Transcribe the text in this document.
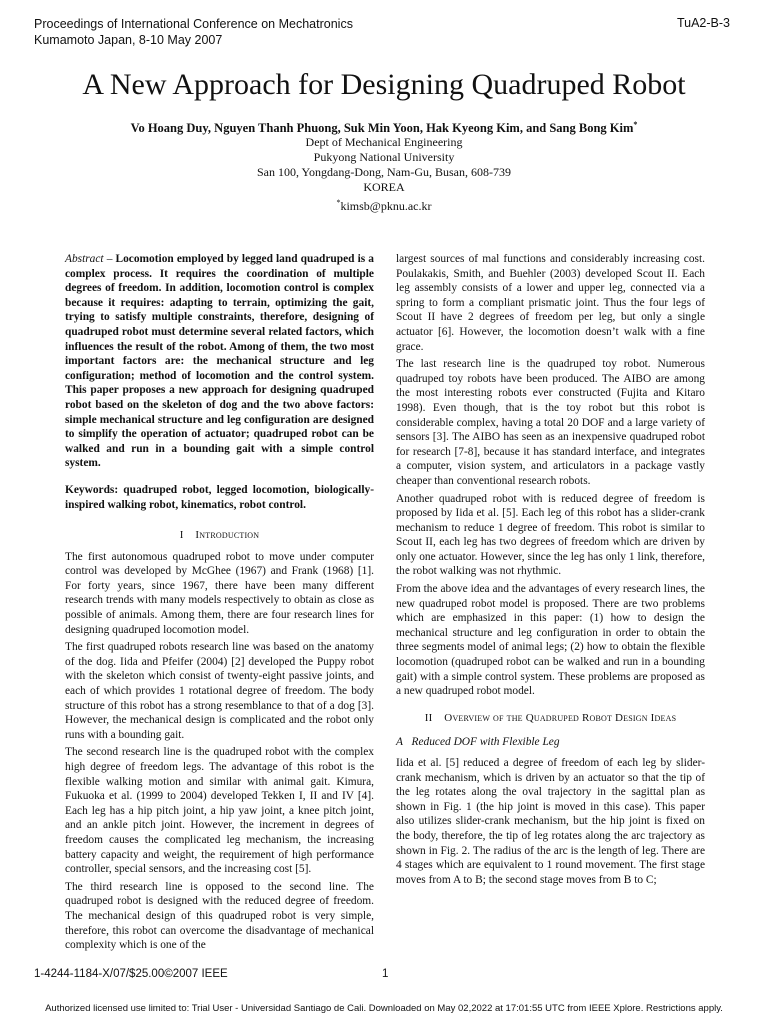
Proceedings of International Conference on Mechatronics
Kumamoto Japan, 8-10 May 2007
TuA2-B-3
A New Approach for Designing Quadruped Robot
Vo Hoang Duy, Nguyen Thanh Phuong, Suk Min Yoon, Hak Kyeong Kim, and Sang Bong Kim*
Dept of Mechanical Engineering
Pukyong National University
San 100, Yongdang-Dong, Nam-Gu, Busan, 608-739
KOREA
*kimsb@pknu.ac.kr

Abstract – Locomotion employed by legged land quadruped is a complex process. It requires the coordination of multiple degrees of freedom. In addition, locomotion control is complex because it requires: adapting to terrain, optimizing the gait, trying to satisfy multiple constraints, therefore, designing of quadruped robot must determine several related factors, which influences the result of the robot. Among of them, the two most important factors are: the mechanical structure and leg configuration; method of locomotion and the control system. This paper proposes a new approach for designing quadruped robot based on the skeleton of dog and the two above factors: simple mechanical structure and leg configuration are designed to simplify the operation of actuator; quadruped robot can be walked and run in a bounding gait with a simple control system.

Keywords: quadruped robot, legged locomotion, biologically-inspired walking robot, kinematics, robot control.

I Introduction

The first autonomous quadruped robot to move under computer control was developed by McGhee (1967) and Frank (1968) [1]. For forty years, since 1967, there have been many different research trends with many models respectively to obtain as close as possible of animals. Among them, there are four research lines for designing quadruped locomotion model.

The first quadruped robots research line was based on the anatomy of the dog. Iida and Pfeifer (2004) [2] developed the Puppy robot with the skeleton which consist of twenty-eight passive joints, and each of which provides 1 rotational degree of freedom. The body structure of this robot has a strong resemblance to that of a dog [3]. However, the mechanical design is complicated and the robot only runs with a bounding gait.

The second research line is the quadruped robot with the complex high degree of freedom legs. The advantage of this robot is the flexible walking motion and similar with animal gait. Kimura, Fukuoka et al. (1999 to 2004) developed Tekken I, II and IV [4]. Each leg has a hip pitch joint, a hip yaw joint, a knee pitch joint, and an ankle pitch joint. However, the increment in degrees of freedom causes the complicated leg mechanism, the increasing battery capacity and weight, the requirement of high performance controller, special sensors, and the increasing cost [5].

The third research line is opposed to the second line. The quadruped robot is designed with the reduced degree of freedom. The mechanical design of this quadruped robot is very simple, therefore, this robot can overcome the disadvantage of mechanical complexity which is one of the

largest sources of mal functions and considerably increasing cost. Poulakakis, Smith, and Buehler (2003) developed Scout II. Each leg assembly consists of a lower and upper leg, connected via a spring to form a compliant prismatic joint. Thus the four legs of Scout II have 2 degrees of freedom per leg, but only a single actuator [6]. However, the locomotion doesn’t walk with a fine grace.

The last research line is the quadruped toy robot. Numerous quadruped toy robots have been produced. The AIBO are among the most interesting robots ever constructed (Fujita and Kitaro 1998). Even though, that is the toy robot but this robot is considerable complex, having a total 20 DOF and a large variety of sensors [3]. The AIBO has seen as an inexpensive quadruped robot for research [7-8], because it has standard interface, and integrates a computer, vision system, and articulators in a package vastly cheaper than conventional research robots.

Another quadruped robot with is reduced degree of freedom is proposed by Iida et al. [5]. Each leg of this robot has a slider-crank mechanism to reduce 1 degree of freedom. This robot is similar to Scout II, each leg has two degrees of freedom which are driven by only one actuator. However, since the leg has only 1 link, therefore, the robot walking was not rhythmic.

From the above idea and the advantages of every research lines, the new quadruped robot model is proposed. There are two problems which are emphasized in this paper: (1) how to design the mechanical structure and leg configuration in order to obtain the three segments model of animal legs; (2) how to obtain the flexible locomotion (quadruped robot can be walked and run in a bounding gait) with a simple control system. These problems are proposed as a new quadruped robot model.

II Overview of the Quadruped Robot Design Ideas
A Reduced DOF with Flexible Leg

Iida et al. [5] reduced a degree of freedom of each leg by slider-crank mechanism, which is driven by an actuator so that the tip of the leg rotates along the oval trajectory in the sagittal plan as shown in Fig. 1 (the hip joint is moved in this case). This paper also utilizes slider-crank mechanism, but the hip joint is fixed on the body, therefore, the tip of leg rotates along the arc trajectory as shown in Fig. 2. The radius of the arc is the length of leg. There are 4 stages which are equivalent to 1 round movement. The first stage moves from A to B; the second stage moves from B to C;

1-4244-1184-X/07/$25.00©2007 IEEE	1
Authorized licensed use limited to: Trial User - Universidad Santiago de Cali. Downloaded on May 02,2022 at 17:01:55 UTC from IEEE Xplore. Restrictions apply.
